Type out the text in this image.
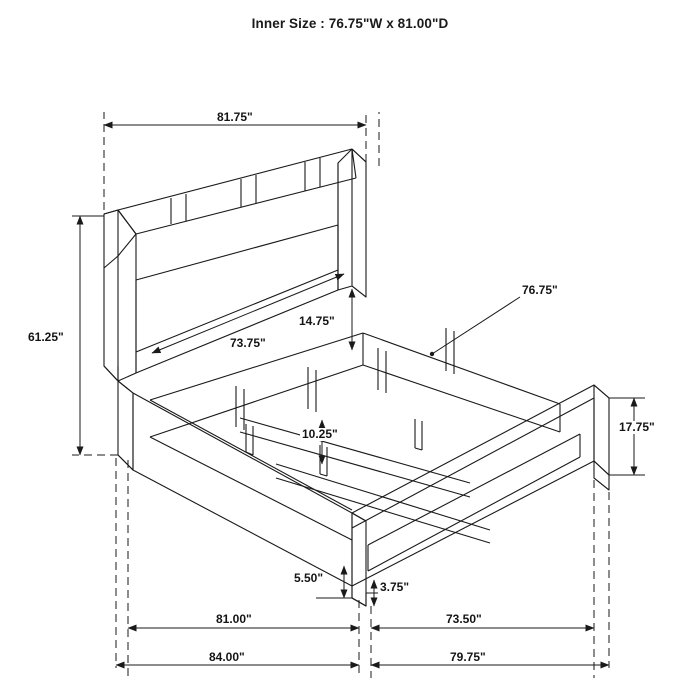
Inner Size : 76.75"W x 81.00"D
81.75"
61.25"	73.75"
14.75"
76.75"
10.25"	17.75"
5.50"
3.75"
81.00"	73.50"
84.00"	79.75"
